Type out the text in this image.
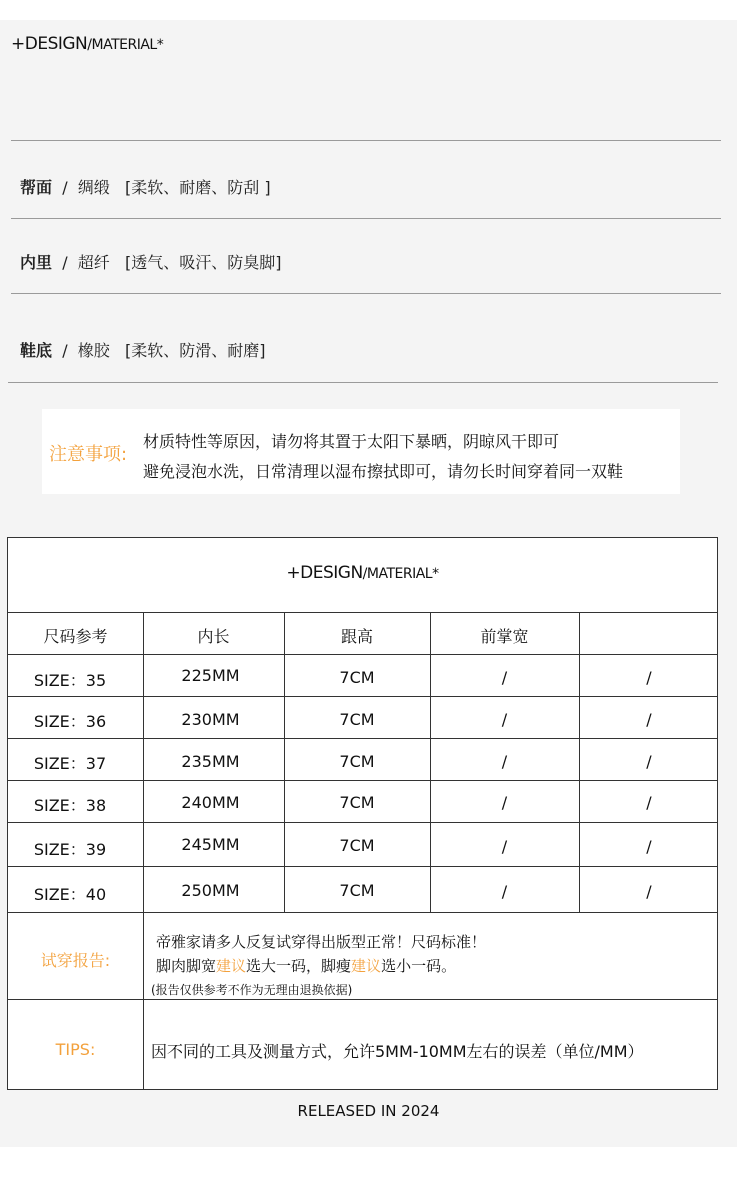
+DESIGN/MATERIAL*
帮面 / 绸缎 [柔软、耐磨、防刮 ]
内里 / 超纤 [透气、吸汗、防臭脚]
鞋底 / 橡胶 [柔软、防滑、耐磨]
注意事项:
材质特性等原因，请勿将其置于太阳下暴晒，阴晾风干即可
避免浸泡水洗，日常清理以湿布擦拭即可，请勿长时间穿着同一双鞋
+DESIGN/MATERIAL*
尺码参考	内长	跟高	前掌宽
SIZE：35	225MM	7CM	/	/
SIZE：36	230MM	7CM	/	/
SIZE：37	235MM	7CM	/	/
SIZE：38	240MM	7CM	/	/
SIZE：39	245MM	7CM	/	/
SIZE：40	250MM	7CM	/	/
试穿报告:
帝雅家请多人反复试穿得出版型正常！尺码标准！
脚肉脚宽建议选大一码，脚瘦建议选小一码。
(报告仅供参考不作为无理由退换依据)
TIPS:	因不同的工具及测量方式，允许5MM-10MM左右的误差（单位/MM）
RELEASED IN 2024
